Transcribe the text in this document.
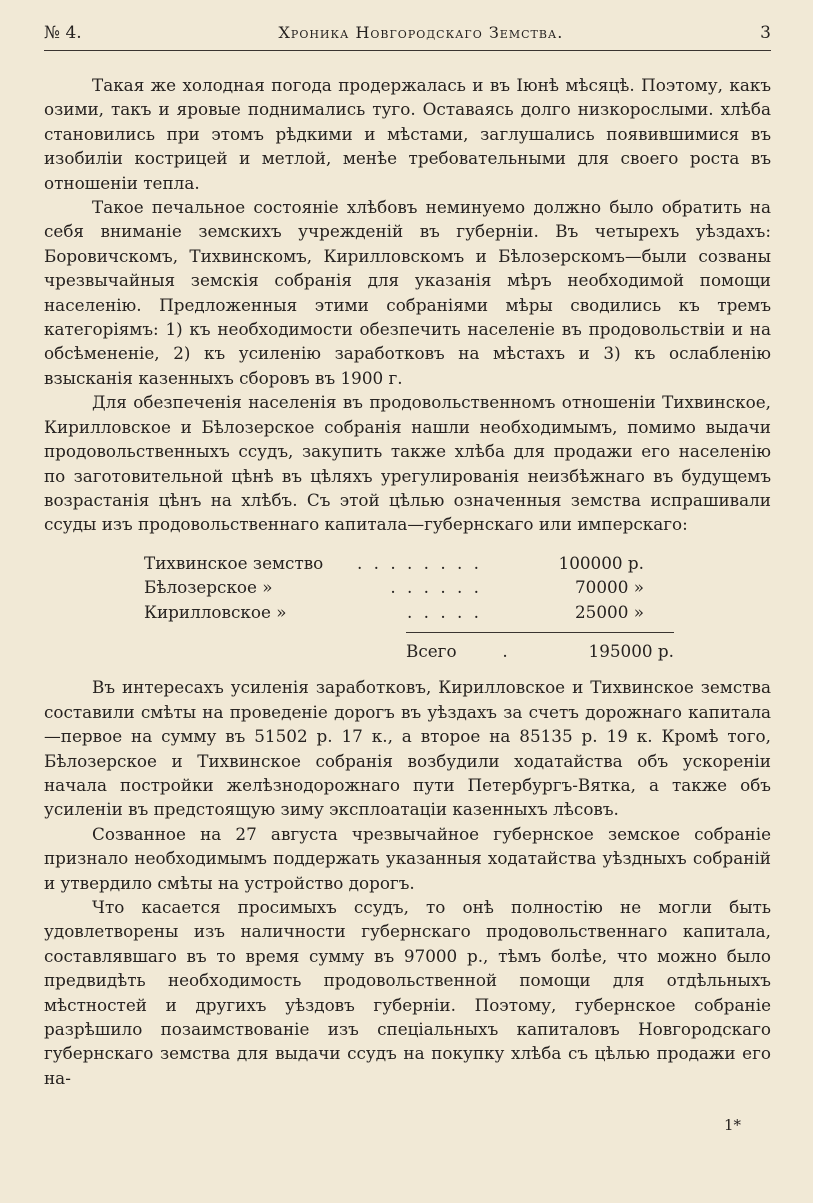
№ 4.	Хроника Новгородскаго Земства.	3

Такая же холодная погода продержалась и въ Іюнѣ мѣсяцѣ. Поэтому, какъ озими, такъ и яровые поднимались туго. Оставаясь долго низкорослыми. хлѣба становились при этомъ рѣдкими и мѣстами, заглушались появившимися въ изобиліи кострицей и метлой, менѣе требовательными для своего роста въ отношеніи тепла.

Такое печальное состояніе хлѣбовъ неминуемо должно было обратить на себя вниманіе земскихъ учрежденій въ губерніи. Въ четырехъ уѣздахъ: Боровичскомъ, Тихвинскомъ, Кирилловскомъ и Бѣлозерскомъ—были созваны чрезвычайныя земскія собранія для указанія мѣръ необходимой помощи населенію. Предложенныя этими собраніями мѣры сводились къ тремъ категоріямъ: 1) къ необходимости обезпечить населеніе въ продовольствіи и на обсѣмененіе, 2) къ усиленію заработковъ на мѣстахъ и 3) къ ослабленію взысканія казенныхъ сборовъ въ 1900 г.

Для обезпеченія населенія въ продовольственномъ отношеніи Тихвинское, Кирилловское и Бѣлозерское собранія нашли необходимымъ, помимо выдачи продовольственныхъ ссудъ, закупить также хлѣба для продажи его населенію по заготовительной цѣнѣ въ цѣляхъ урегулированія неизбѣжнаго въ будущемъ возрастанія цѣнъ на хлѣбъ. Съ этой цѣлью означенныя земства испрашивали ссуды изъ продовольственнаго капитала—губернскаго или имперскаго:

Тихвинское земство	. . . . . . . .	100000 р.
Бѣлозерское »	. . . . . .	70000 »
Кирилловское »	. . . . .	25000 »
Всего	.	195000 р.

Въ интересахъ усиленія заработковъ, Кирилловское и Тихвинское земства составили смѣты на проведеніе дорогъ въ уѣздахъ за счетъ дорожнаго капитала—первое на сумму въ 51502 р. 17 к., а второе на 85135 р. 19 к. Кромѣ того, Бѣлозерское и Тихвинское собранія возбудили ходатайства объ ускореніи начала постройки желѣзнодорожнаго пути Петербургъ-Вятка, а также объ усиленіи въ предстоящую зиму эксплоатаціи казенныхъ лѣсовъ.

Созванное на 27 августа чрезвычайное губернское земское собраніе признало необходимымъ поддержать указанныя ходатайства уѣздныхъ собраній и утвердило смѣты на устройство дорогъ.

Что касается просимыхъ ссудъ, то онѣ полностію не могли быть удовлетворены изъ наличности губернскаго продовольственнаго капитала, составлявшаго въ то время сумму въ 97000 р., тѣмъ болѣе, что можно было предвидѣть необходимость продовольственной помощи для отдѣльныхъ мѣстностей и другихъ уѣздовъ губерніи. Поэтому, губернское собраніе разрѣшило позаимствованіе изъ спеціальныхъ капиталовъ Новгородскаго губернскаго земства для выдачи ссудъ на покупку хлѣба съ цѣлью продажи его на-

1*
